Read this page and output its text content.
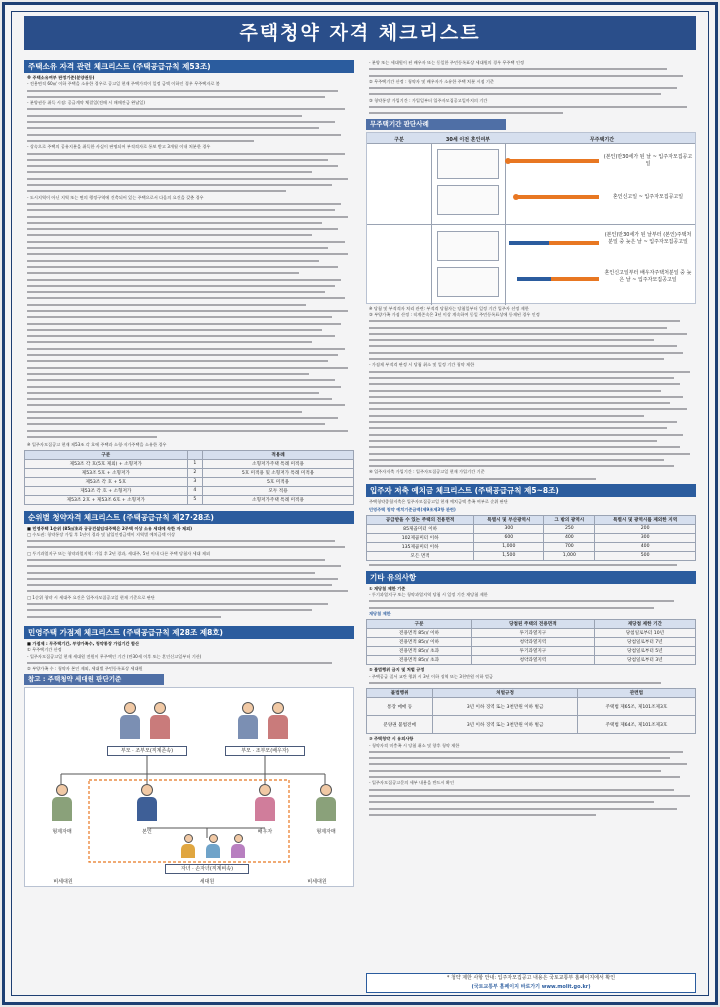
주택청약 자격 체크리스트
주택소유 자격 관련 체크리스트 (주택공급규칙 제53조)
※ 주택소유여부 판정기준(분양권등)
- 전용면적 60㎡ 이하 주택을 소유한 경우로 공고일 현재 주택가격이 일정 금액 이하인 경우 무주택자로 봄
- 분양권등 취득 시점: 공급계약 체결일(전매 시 매매잔금 완납일)
- 상속으로 주택의 공유지분을 취득한 사실이 판명되어 부적격자로 통보 받고 3개월 이내 처분한 경우
- 도시지역이 아닌 지역 또는 면의 행정구역에 건축되어 있는 주택으로서 다음의 요건을 갖춘 경우
※ 입주자모집공고 현재 제53조 각 호에 주택과 소형·저가주택을 소유한 경우
구분		적용례
제53조 각 호(5호 제외) + 소형저가	1	소형저가주택 특례 미적용
제53조 5호 + 소형저가	2	5호 미적용 및 소형저가 특례 미적용
제53조 각 호 + 5호	3	5호 미적용
제53조 각 호 + 소형저가	4	모두 적용
제53조 2호 + 제53조 6호 + 소형저가	5	소형저가주택 특례 미적용
순위별 청약자격 체크리스트 (주택공급규칙 제27·28조)
■ 민영주택 1순위 (85㎡초과 공공건설임대주택은 2주택 이상 소유 세대에 속한 자 제외)
□ 수도권: 청약통장 가입 후 1년이 경과 및 납입인정금액이 지역별 예치금액 이상
□ 투기과열지구 또는 청약과열지역: 가입 후 2년 경과, 세대주, 5년 이내 다른 주택 당첨자 세대 제외
□ 1순위 청약 시 세대주 요건은 입주자모집공고일 현재 기준으로 판단
민영주택 가점제 체크리스트 (주택공급규칙 제28조 제8호)
■ 가점제 : 무주택기간, 부양가족수, 청약통장 가입기간 합산
① 무주택기간 산정
- 입주자모집공고일 현재 세대원 전원이 무주택인 기간 (만30세 이후 또는 혼인신고일부터 기산)
② 부양가족 수 : 청약자 본인 제외, 세대별 주민등록표상 세대원
참고 : 주택청약 세대원 판단기준
부모 · 조부모(직계존속)	부모 · 조부모(배우자)
형제자매	본인	배우자	형제자매
자녀 · 손자녀(직계비속)
비세대원	세대원	비세대원
- 분양 또는 세대원이 된 배우자 또는 동일한 주민등록표상 세대원의 경우 무주택 인정
② 무주택기간 산정 : 청약자 및 배우자가 소유한 주택 처분 시점 기준
③ 청약통장 가입기간 : 가입일부터 입주자모집공고일까지의 기간
무주택기간 판단사례
구분	30세 이전 혼인여부	무주택기간
(본인)만30세가 된 날 ~ 입주자모집공고일
혼인신고일 ~ 입주자모집공고일
(본인)만30세가 된 날부터 (본인)주택처분일 중 늦은 날 ~ 입주자모집공고일
혼인신고일부터 배우자주택처분일 중 늦은 날 ~ 입주자모집공고일
※ 당첨 및 부적격자 처리 관련: 부적격 당첨자는 당첨일부터 일정 기간 입주자 선정 제한
③ 부양가족 가점 산정 : 직계존속은 3년 이상 계속하여 동일 주민등록표상에 등재된 경우 인정
- 가점제 부적격 판정 시 당첨 취소 및 일정 기간 청약 제한
④ 입주자저축 가입기간 : 입주자모집공고일 현재 가입기간 기준
입주자 저축 예치금 체크리스트 (주택공급규칙 제5~8조)
주택청약종합저축은 입주자모집공고일 현재 예치금액 충족 여부로 순위 판단
민영주택 청약 예치기준금액(제9조제3항 관련)
공급받을 수 있는 주택의 전용면적	특별시 및 부산광역시	그 밖의 광역시	특별시 및 광역시를 제외한 지역
85제곱미터 이하	300	250	200
102제곱미터 이하	600	400	300
135제곱미터 이하	1,000	700	400
모든 면적	1,500	1,000	500
기타 유의사항
① 재당첨 제한 기준
- 투기과열지구 또는 청약과열지역 당첨 시 일정 기간 재당첨 제한
재당첨 제한
구분	당첨된 주택의 전용면적	재당첨 제한 기간
전용면적 85㎡ 이하	투기과열지구	당첨일로부터 10년
전용면적 85㎡ 이하	청약과열지역	당첨일로부터 7년
전용면적 85㎡ 초과	투기과열지구	당첨일로부터 5년
전용면적 85㎡ 초과	청약과열지역	당첨일로부터 3년
② 불법행위 금지 및 처벌 규정
- 주택공급 질서 교란 행위 시 3년 이하 징역 또는 3천만원 이하 벌금
불법행위	처벌규정	관련법
통장 매매 등	3년 이하 징역 또는 3천만원 이하 벌금	주택법 제65조, 제101조제3호
분양권 불법전매	3년 이하 징역 또는 3천만원 이하 벌금	주택법 제64조, 제101조제3호
③ 주택청약 시 유의사항
- 청약자격 미충족 시 당첨 취소 및 향후 청약 제한
- 입주자모집공고문의 세부 내용을 반드시 확인
* 청약 제한 사항 안내: 입주자모집공고 내용은 국토교통부 홈페이지에서 확인
(국토교통부 홈페이지 바로가기 www.molit.go.kr)
